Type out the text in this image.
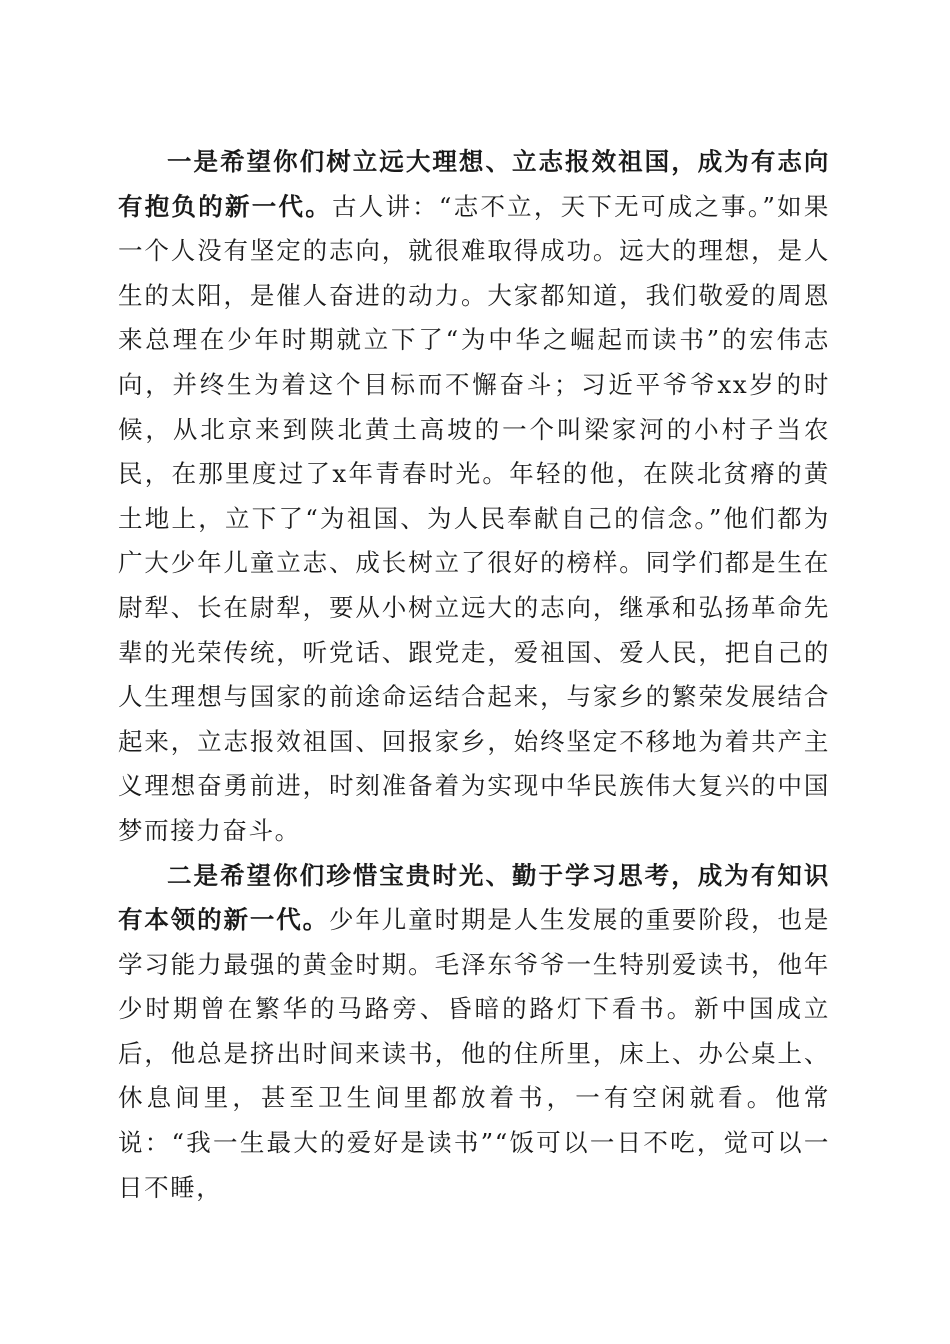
一是希望你们树立远大理想、立志报效祖国，成为有志向有抱负的新一代。古人讲：“志不立，天下无可成之事。”如果一个人没有坚定的志向，就很难取得成功。远大的理想，是人生的太阳，是催人奋进的动力。大家都知道，我们敬爱的周恩来总理在少年时期就立下了“为中华之崛起而读书”的宏伟志向，并终生为着这个目标而不懈奋斗；习近平爷爷xx岁的时候，从北京来到陕北黄土高坡的一个叫梁家河的小村子当农民，在那里度过了x年青春时光。年轻的他，在陕北贫瘠的黄土地上，立下了“为祖国、为人民奉献自己的信念。”他们都为广大少年儿童立志、成长树立了很好的榜样。同学们都是生在尉犁、长在尉犁，要从小树立远大的志向，继承和弘扬革命先辈的光荣传统，听党话、跟党走，爱祖国、爱人民，把自己的人生理想与国家的前途命运结合起来，与家乡的繁荣发展结合起来，立志报效祖国、回报家乡，始终坚定不移地为着共产主义理想奋勇前进，时刻准备着为实现中华民族伟大复兴的中国梦而接力奋斗。

二是希望你们珍惜宝贵时光、勤于学习思考，成为有知识有本领的新一代。少年儿童时期是人生发展的重要阶段，也是学习能力最强的黄金时期。毛泽东爷爷一生特别爱读书，他年少时期曾在繁华的马路旁、昏暗的路灯下看书。新中国成立后，他总是挤出时间来读书，他的住所里，床上、办公桌上、休息间里，甚至卫生间里都放着书，一有空闲就看。他常说：“我一生最大的爱好是读书”“饭可以一日不吃，觉可以一日不睡，
